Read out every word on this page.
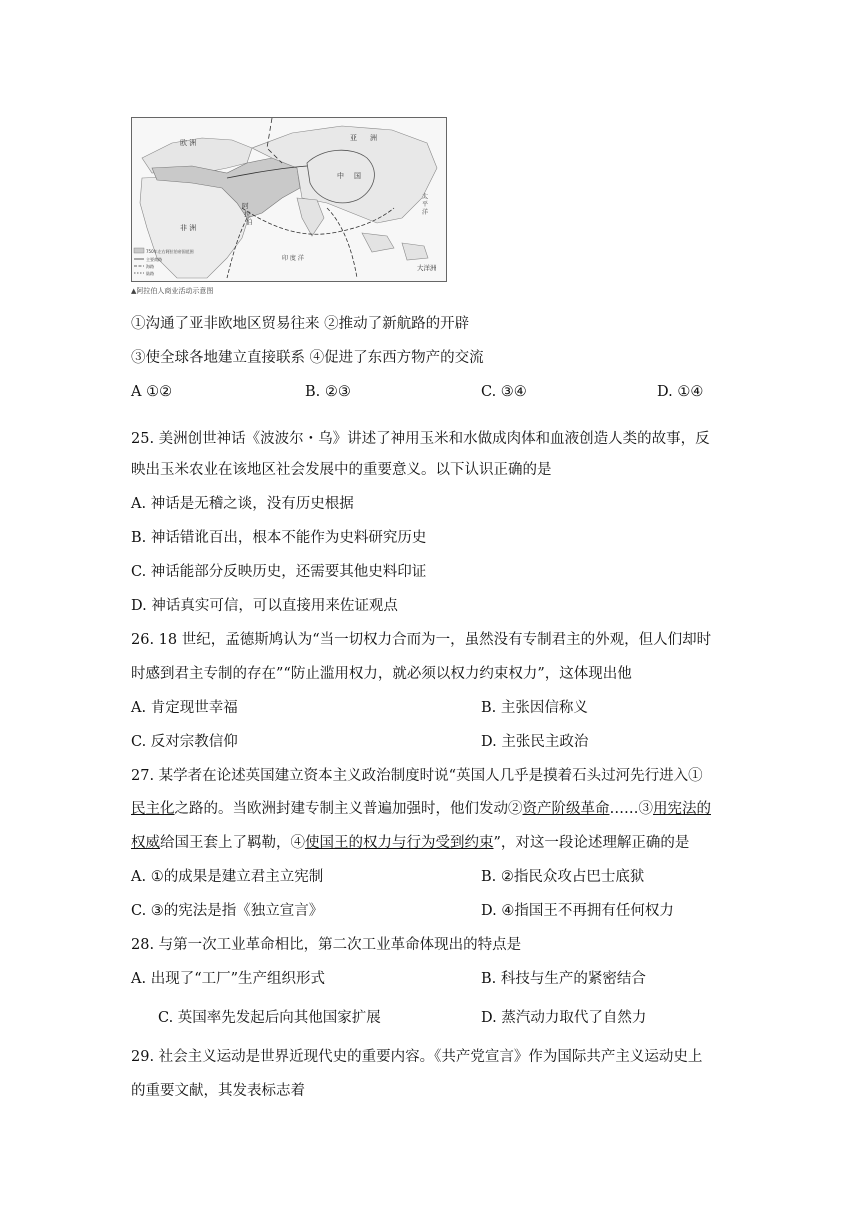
欧 洲
亚 洲
非 洲
阿
拉
伯
中 国
印 度 洋
太 平 洋
大洋洲
750年左右阿拉伯帝国范围
主要商路
海路
陆路
▲阿拉伯人商业活动示意图
①沟通了亚非欧地区贸易往来 ②推动了新航路的开辟
③使全球各地建立直接联系 ④促进了东西方物产的交流
A ①②	B. ②③	C. ③④	D. ①④
25. 美洲创世神话《波波尔・乌》讲述了神用玉米和水做成肉体和血液创造人类的故事，反
映出玉米农业在该地区社会发展中的重要意义。以下认识正确的是
A. 神话是无稽之谈，没有历史根据
B. 神话错讹百出，根本不能作为史料研究历史
C. 神话能部分反映历史，还需要其他史料印证
D. 神话真实可信，可以直接用来佐证观点
26. 18 世纪，孟德斯鸠认为“当一切权力合而为一，虽然没有专制君主的外观，但人们却时
时感到君主专制的存在”“防止滥用权力，就必须以权力约束权力”，这体现出他
A. 肯定现世幸福	B. 主张因信称义
C. 反对宗教信仰	D. 主张民主政治
27. 某学者在论述英国建立资本主义政治制度时说“英国人几乎是摸着石头过河先行进入①
民主化之路的。当欧洲封建专制主义普遍加强时，他们发动②资产阶级革命……③用宪法的
权威给国王套上了羁勒，④使国王的权力与行为受到约束”，对这一段论述理解正确的是
A. ①的成果是建立君主立宪制	B. ②指民众攻占巴士底狱
C. ③的宪法是指《独立宣言》	D. ④指国王不再拥有任何权力
28. 与第一次工业革命相比，第二次工业革命体现出的特点是
A. 出现了“工厂”生产组织形式	B. 科技与生产的紧密结合
C. 英国率先发起后向其他国家扩展	D. 蒸汽动力取代了自然力
29. 社会主义运动是世界近现代史的重要内容。《共产党宣言》作为国际共产主义运动史上
的重要文献，其发表标志着
